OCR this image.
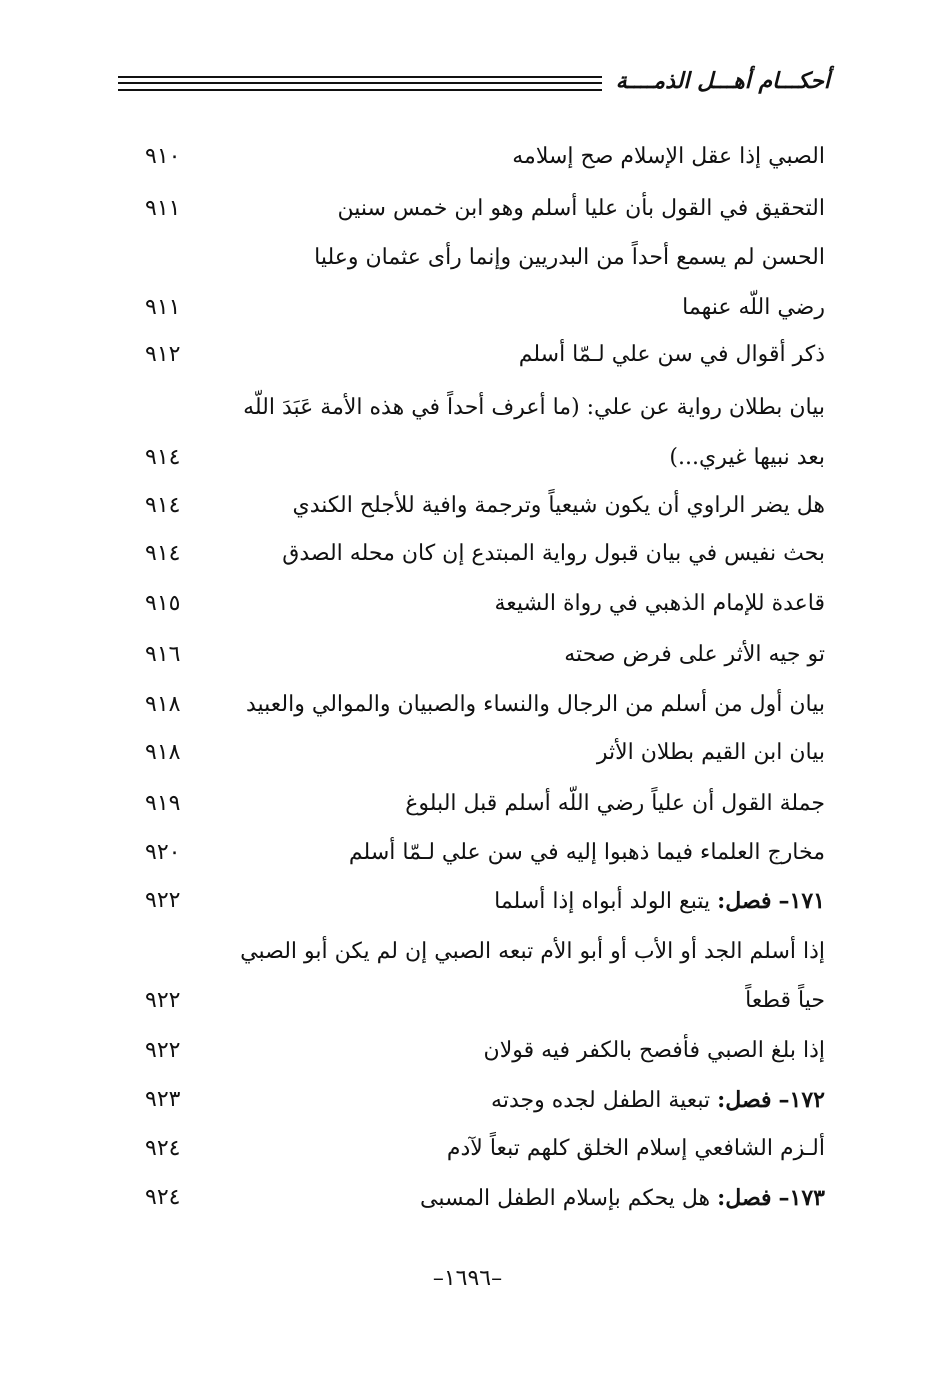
أحكـــام أهـــل الذمــــة
الصبي إذا عقل الإسلام صح إسلامه
٩١٠
التحقيق في القول بأن عليا أسلم وهو ابن خمس سنين
٩١١
الحسن لم يسمع أحداً من البدريين وإنما رأى عثمان وعليا
رضي اللّه عنهما
٩١١
ذكر أقوال في سن علي لـمّا أسلم
٩١٢
بيان بطلان رواية عن علي: (ما أعرف أحداً في هذه الأمة عَبَدَ اللّه
بعد نبيها غيري...)
٩١٤
هل يضر الراوي أن يكون شيعياً وترجمة وافية للأجلح الكندي
٩١٤
بحث نفيس في بيان قبول رواية المبتدع إن كان محله الصدق
٩١٤
قاعدة للإمام الذهبي في رواة الشيعة
٩١٥
تو جيه الأثر على فرض صحته
٩١٦
بيان أول من أسلم من الرجال والنساء والصبيان والموالي والعبيد
٩١٨
بيان ابن القيم بطلان الأثر
٩١٨
جملة القول أن علياً رضي اللّه أسلم قبل البلوغ
٩١٩
مخارج العلماء فيما ذهبوا إليه في سن علي لـمّا أسلم
٩٢٠
١٧١– فصل: يتبع الولد أبواه إذا أسلما
٩٢٢
إذا أسلم الجد أو الأب أو أبو الأم تبعه الصبي إن لم يكن أبو الصبي
حياً قطعاً
٩٢٢
إذا بلغ الصبي فأفصح بالكفر فيه قولان
٩٢٢
١٧٢– فصل: تبعية الطفل لجده وجدته
٩٢٣
ألـزم الشافعي إسلام الخلق كلهم تبعاً لآدم
٩٢٤
١٧٣– فصل: هل يحكم بإسلام الطفل المسبى
٩٢٤
–١٦٩٦–
